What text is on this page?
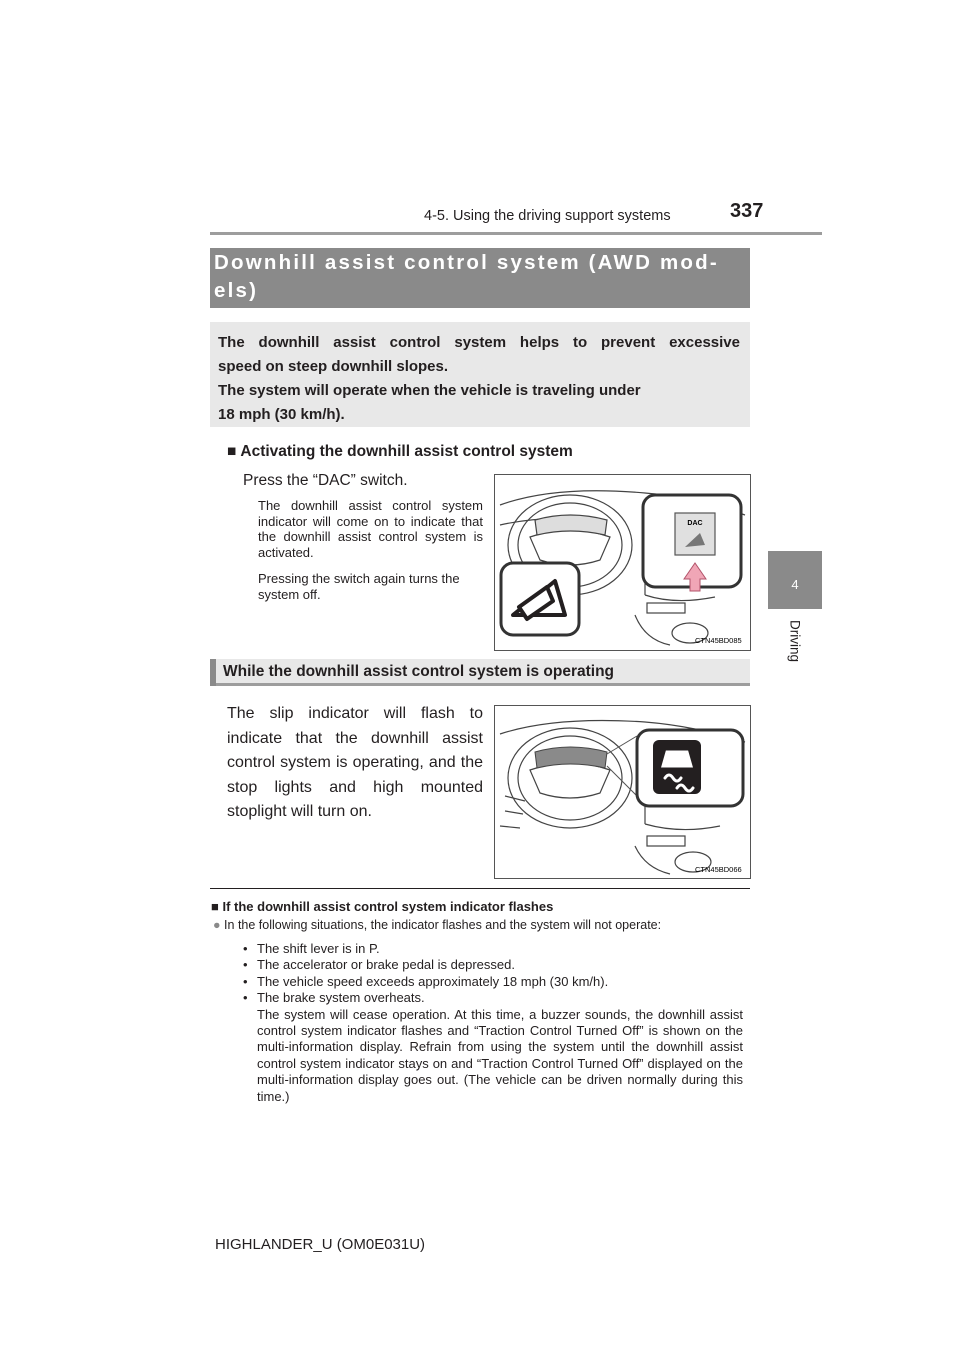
4-5. Using the driving support systems	337
4
Driving
Downhill assist control system (AWD mod-
els)

The downhill assist control system helps to prevent excessive
speed on steep downhill slopes.
The system will operate when the vehicle is traveling under
18 mph (30 km/h).

■ Activating the downhill assist control system
Press the “DAC” switch.

The downhill assist control system indicator will come on to indicate that the downhill assist control system is activated.

Pressing the switch again turns the system off.

DAC
CTN45BD085
While the downhill assist control system is operating

The slip indicator will flash to indicate that the downhill assist control system is operating, and the stop lights and high mounted stoplight will turn on.

CTN45BD066
■ If the downhill assist control system indicator flashes
● In the following situations, the indicator flashes and the system will not operate:
• The shift lever is in P.
• The accelerator or brake pedal is depressed.
• The vehicle speed exceeds approximately 18 mph (30 km/h).
• The brake system overheats.
The system will cease operation. At this time, a buzzer sounds, the downhill assist control system indicator flashes and “Traction Control Turned Off” is shown on the multi-information display. Refrain from using the system until the downhill assist control system indicator stays on and “Traction Control Turned Off” displayed on the multi-information display goes out. (The vehicle can be driven normally during this time.)
HIGHLANDER_U (OM0E031U)
